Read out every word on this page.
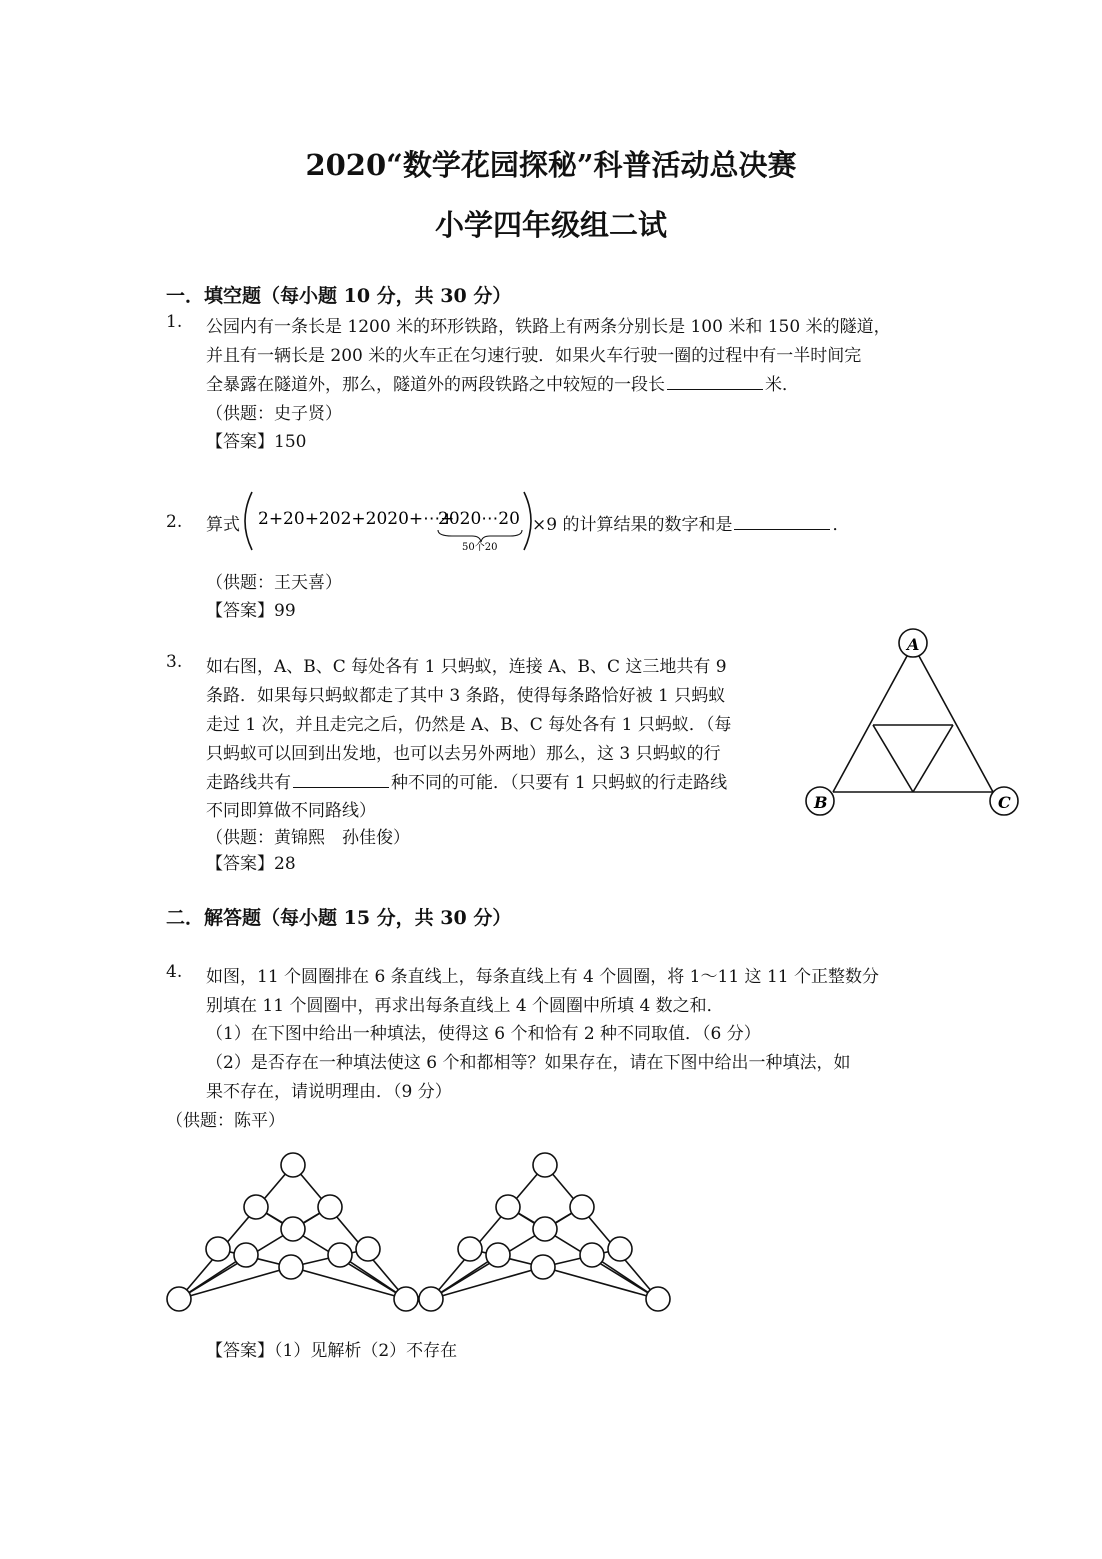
2020“数学花园探秘”科普活动总决赛
小学四年级组二试
一．填空题（每小题 10 分，共 30 分）
1. 公园内有一条长是 1200 米的环形铁路，铁路上有两条分别长是 100 米和 150 米的隧道，
并且有一辆长是 200 米的火车正在匀速行驶．如果火车行驶一圈的过程中有一半时间完
全暴露在隧道外，那么，隧道外的两段铁路之中较短的一段长	米．
（供题：史子贤）
【答案】150
2. 算式 2+20+202+2020+⋯+
2020⋯20
50个20
×9 的计算结果的数字和是	．
（供题：王天喜）
【答案】99
3. 如右图，A、B、C 每处各有 1 只蚂蚁，连接 A、B、C 这三地共有 9
条路．如果每只蚂蚁都走了其中 3 条路，使得每条路恰好被 1 只蚂蚁
走过 1 次，并且走完之后，仍然是 A、B、C 每处各有 1 只蚂蚁．（每
只蚂蚁可以回到出发地，也可以去另外两地）那么，这 3 只蚂蚁的行
走路线共有	种不同的可能．（只要有 1 只蚂蚁的行走路线
不同即算做不同路线）
（供题：黄锦熙　孙佳俊）
【答案】28
A
B	C
二．解答题（每小题 15 分，共 30 分）
4. 如图，11 个圆圈排在 6 条直线上，每条直线上有 4 个圆圈，将 1～11 这 11 个正整数分
别填在 11 个圆圈中，再求出每条直线上 4 个圆圈中所填 4 数之和．
（1）在下图中给出一种填法，使得这 6 个和恰有 2 种不同取值．（6 分）
（2）是否存在一种填法使这 6 个和都相等？如果存在，请在下图中给出一种填法，如
果不存在，请说明理由．（9 分）
（供题：陈平）
【答案】（1）见解析（2）不存在
